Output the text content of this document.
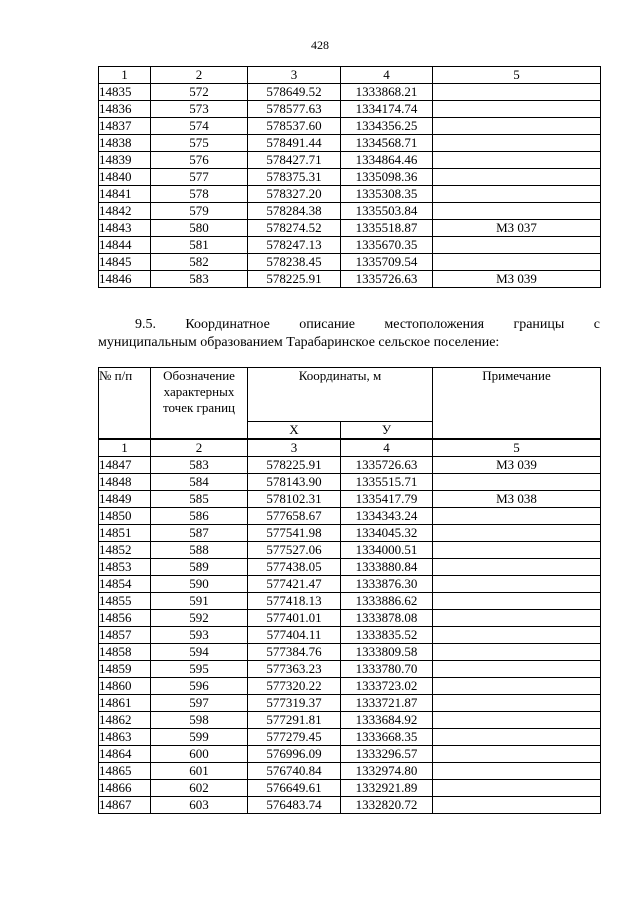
428
1	2	3	4	5
14835	572	578649.52	1333868.21	
14836	573	578577.63	1334174.74	
14837	574	578537.60	1334356.25	
14838	575	578491.44	1334568.71	
14839	576	578427.71	1334864.46	
14840	577	578375.31	1335098.36	
14841	578	578327.20	1335308.35	
14842	579	578284.38	1335503.84	
14843	580	578274.52	1335518.87	МЗ 037
14844	581	578247.13	1335670.35	
14845	582	578238.45	1335709.54	
14846	583	578225.91	1335726.63	МЗ 039
9.5. Координатное описание местоположения границы с
муниципальным образованием Тарабаринское сельское поселение:
№ п/п	Обозначение характерных точек границ	Координаты, м		Примечание
		Х	У	
1	2	3	4	5
14847	583	578225.91	1335726.63	МЗ 039
14848	584	578143.90	1335515.71	
14849	585	578102.31	1335417.79	МЗ 038
14850	586	577658.67	1334343.24	
14851	587	577541.98	1334045.32	
14852	588	577527.06	1334000.51	
14853	589	577438.05	1333880.84	
14854	590	577421.47	1333876.30	
14855	591	577418.13	1333886.62	
14856	592	577401.01	1333878.08	
14857	593	577404.11	1333835.52	
14858	594	577384.76	1333809.58	
14859	595	577363.23	1333780.70	
14860	596	577320.22	1333723.02	
14861	597	577319.37	1333721.87	
14862	598	577291.81	1333684.92	
14863	599	577279.45	1333668.35	
14864	600	576996.09	1333296.57	
14865	601	576740.84	1332974.80	
14866	602	576649.61	1332921.89	
14867	603	576483.74	1332820.72	
